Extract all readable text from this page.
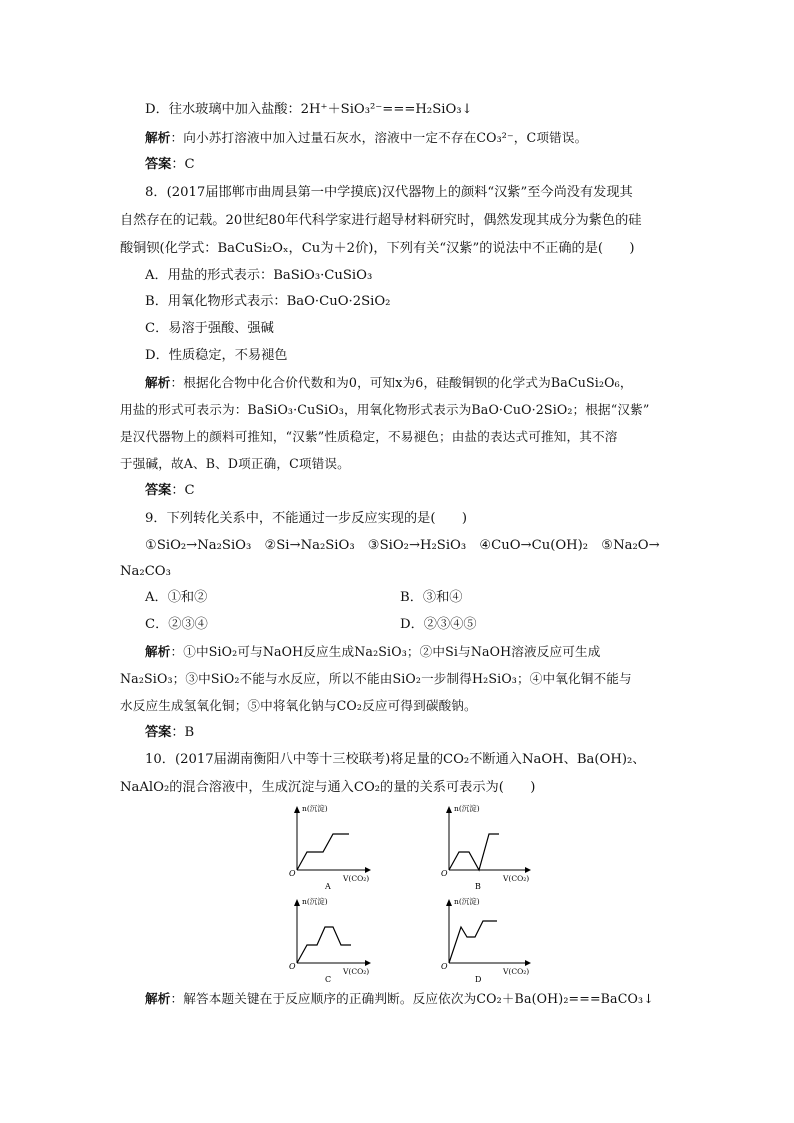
D．往水玻璃中加入盐酸：2H⁺＋SiO₃²⁻===H₂SiO₃↓
解析：向小苏打溶液中加入过量石灰水，溶液中一定不存在CO₃²⁻，C项错误。
答案：C
8．(2017届邯郸市曲周县第一中学摸底)汉代器物上的颜料“汉紫”至今尚没有发现其
自然存在的记载。20世纪80年代科学家进行超导材料研究时，偶然发现其成分为紫色的硅
酸铜钡(化学式：BaCuSi₂Oₓ，Cu为＋2价)，下列有关“汉紫”的说法中不正确的是(　　)
A．用盐的形式表示：BaSiO₃·CuSiO₃
B．用氧化物形式表示：BaO·CuO·2SiO₂
C．易溶于强酸、强碱
D．性质稳定，不易褪色
解析：根据化合物中化合价代数和为0，可知x为6，硅酸铜钡的化学式为BaCuSi₂O₆，
用盐的形式可表示为：BaSiO₃·CuSiO₃，用氧化物形式表示为BaO·CuO·2SiO₂；根据“汉紫”
是汉代器物上的颜料可推知，“汉紫”性质稳定，不易褪色；由盐的表达式可推知，其不溶
于强碱，故A、B、D项正确，C项错误。
答案：C
9．下列转化关系中，不能通过一步反应实现的是(　　)
①SiO₂→Na₂SiO₃　②Si→Na₂SiO₃　③SiO₂→H₂SiO₃　④CuO→Cu(OH)₂　⑤Na₂O→
Na₂CO₃
A．①和②	B．③和④
C．②③④	D．②③④⑤
解析：①中SiO₂可与NaOH反应生成Na₂SiO₃；②中Si与NaOH溶液反应可生成
Na₂SiO₃；③中SiO₂不能与水反应，所以不能由SiO₂一步制得H₂SiO₃；④中氧化铜不能与
水反应生成氢氧化铜；⑤中将氧化钠与CO₂反应可得到碳酸钠。
答案：B
10．(2017届湖南衡阳八中等十三校联考)将足量的CO₂不断通入NaOH、Ba(OH)₂、
NaAlO₂的混合溶液中，生成沉淀与通入CO₂的量的关系可表示为(　　)
n(沉淀)
O
V(CO₂)
A
n(沉淀)
O
V(CO₂)
B
n(沉淀)
O
V(CO₂)
C
n(沉淀)
O
V(CO₂)
D
解析：解答本题关键在于反应顺序的正确判断。反应依次为CO₂＋Ba(OH)₂===BaCO₃↓
